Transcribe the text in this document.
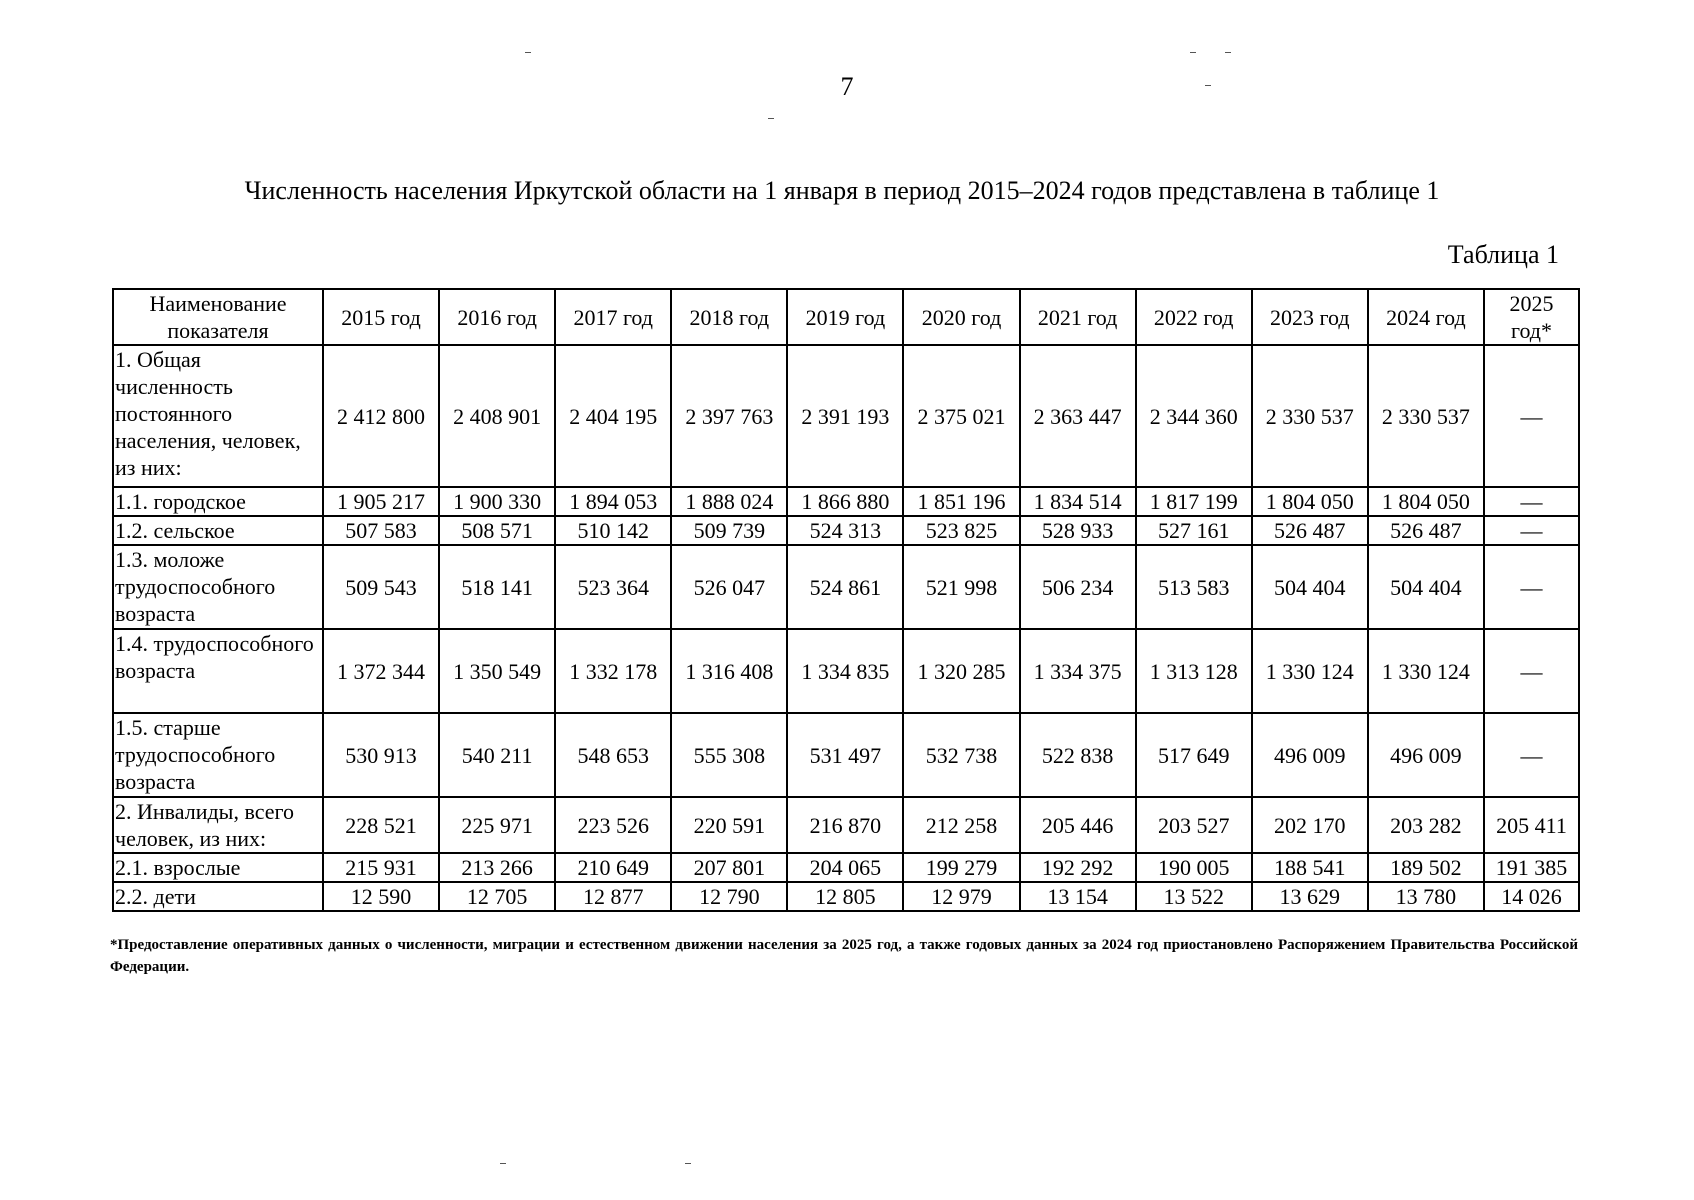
7
Численность населения Иркутской области на 1 января в период 2015–2024 годов представлена в таблице 1
Таблица 1
Наименование показателя	2015 год	2016 год	2017 год	2018 год	2019 год	2020 год	2021 год	2022 год	2023 год	2024 год	2025 год*
1. Общая численность постоянного населения, человек, из них:	2 412 800	2 408 901	2 404 195	2 397 763	2 391 193	2 375 021	2 363 447	2 344 360	2 330 537	2 330 537	—
1.1. городское	1 905 217	1 900 330	1 894 053	1 888 024	1 866 880	1 851 196	1 834 514	1 817 199	1 804 050	1 804 050	—
1.2. сельское	507 583	508 571	510 142	509 739	524 313	523 825	528 933	527 161	526 487	526 487	—
1.3. моложе трудоспособного возраста	509 543	518 141	523 364	526 047	524 861	521 998	506 234	513 583	504 404	504 404	—
1.4. трудоспособного возраста	1 372 344	1 350 549	1 332 178	1 316 408	1 334 835	1 320 285	1 334 375	1 313 128	1 330 124	1 330 124	—
1.5. старше трудоспособного возраста	530 913	540 211	548 653	555 308	531 497	532 738	522 838	517 649	496 009	496 009	—
2. Инвалиды, всего человек, из них:	228 521	225 971	223 526	220 591	216 870	212 258	205 446	203 527	202 170	203 282	205 411
2.1. взрослые	215 931	213 266	210 649	207 801	204 065	199 279	192 292	190 005	188 541	189 502	191 385
2.2. дети	12 590	12 705	12 877	12 790	12 805	12 979	13 154	13 522	13 629	13 780	14 026
*Предоставление оперативных данных о численности, миграции и естественном движении населения за 2025 год, а также годовых данных за 2024 год приостановлено Распоряжением Правительства Российской Федерации.
